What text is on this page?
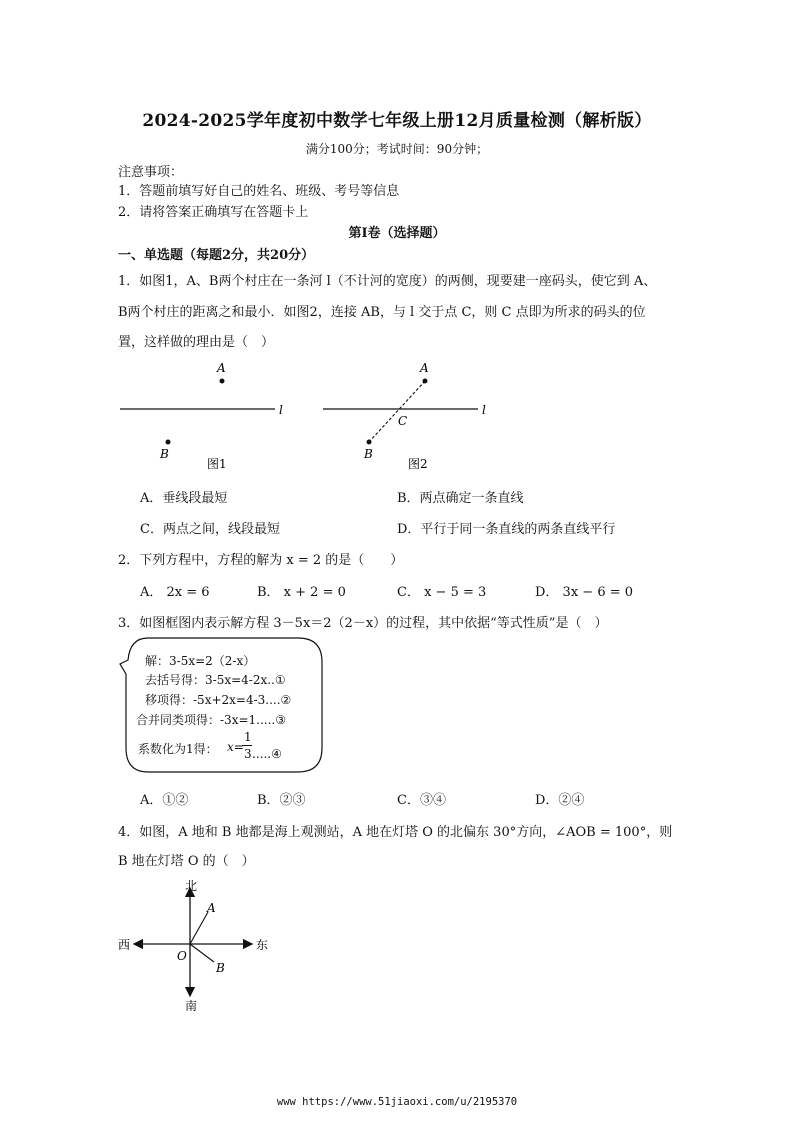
2024-2025学年度初中数学七年级上册12月质量检测（解析版）
满分100分；考试时间：90分钟；
注意事项：
1．答题前填写好自己的姓名、班级、考号等信息
2．请将答案正确填写在答题卡上
第Ⅰ卷（选择题）
一、单选题（每题2分，共20分）
1．如图1，A、B两个村庄在一条河 l（不计河的宽度）的两侧，现要建一座码头，使它到 A、
B两个村庄的距离之和最小．如图2，连接 AB，与 l 交于点 C，则 C 点即为所求的码头的位
置，这样做的理由是（　）
A
B
l
图1
A
B
C
l
图2
A．垂线段最短	B．两点确定一条直线
C．两点之间，线段最短	D．平行于同一条直线的两条直线平行
2．下列方程中，方程的解为 x = 2 的是（　　）
A． 2x = 6	B． x + 2 = 0	C． x − 5 = 3	D． 3x − 6 = 0
3．如图框图内表示解方程 3－5x＝2（2－x）的过程，其中依据“等式性质”是（　）
解：3-5x=2（2-x）
去括号得：3-5x=4-2x..①
移项得：-5x+2x=4-3....②
合并同类项得：-3x=1.....③
系数化为1得： x=
1
3 .....④
A．①②	B．②③	C．③④	D．②④
4．如图，A 地和 B 地都是海上观测站，A 地在灯塔 O 的北偏东 30°方向，∠AOB = 100°，则
B 地在灯塔 O 的（　）
北
南
西	东
O
A
B
www https://www.51jiaoxi.com/u/2195370
